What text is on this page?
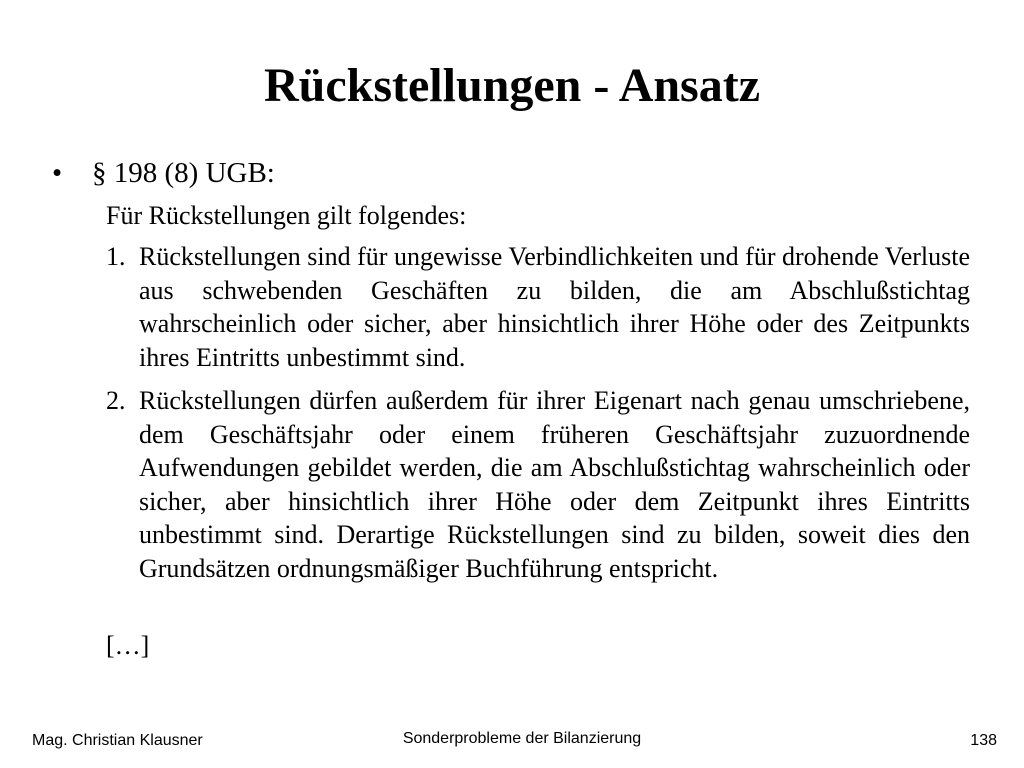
Rückstellungen - Ansatz
• § 198 (8) UGB:
Für Rückstellungen gilt folgendes:
1. Rückstellungen sind für ungewisse Verbindlichkeiten und für drohende Verluste aus schwebenden Geschäften zu bilden, die am Abschlußstichtag wahrscheinlich oder sicher, aber hinsichtlich ihrer Höhe oder des Zeitpunkts ihres Eintritts unbestimmt sind.
2. Rückstellungen dürfen außerdem für ihrer Eigenart nach genau umschriebene, dem Geschäftsjahr oder einem früheren Geschäftsjahr zuzuordnende Aufwendungen gebildet werden, die am Abschlußstichtag wahrscheinlich oder sicher, aber hinsichtlich ihrer Höhe oder dem Zeitpunkt ihres Eintritts unbestimmt sind. Derartige Rückstellungen sind zu bilden, soweit dies den Grundsätzen ordnungsmäßiger Buchführung entspricht.
[…]
Mag. Christian Klausner	Sonderprobleme der Bilanzierung	138
